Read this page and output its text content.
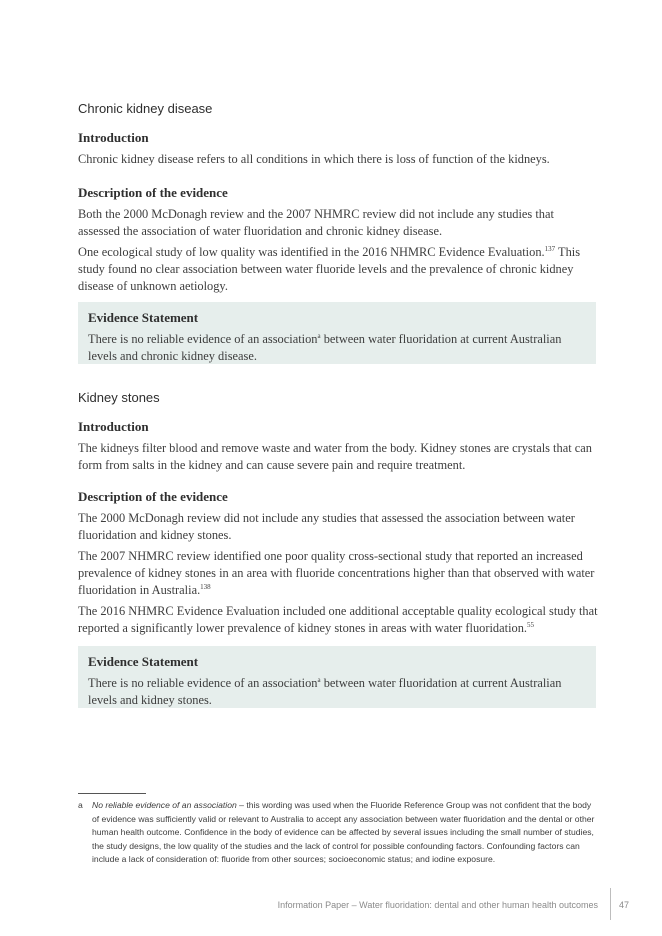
Chronic kidney disease
Introduction
Chronic kidney disease refers to all conditions in which there is loss of function of the kidneys.
Description of the evidence
Both the 2000 McDonagh review and the 2007 NHMRC review did not include any studies that assessed the association of water fluoridation and chronic kidney disease.
One ecological study of low quality was identified in the 2016 NHMRC Evidence Evaluation.$^{137}$ This study found no clear association between water fluoride levels and the prevalence of chronic kidney disease of unknown aetiology.
Evidence Statement
There is no reliable evidence of an association$^a$ between water fluoridation at current Australian levels and chronic kidney disease.
Kidney stones
Introduction
The kidneys filter blood and remove waste and water from the body. Kidney stones are crystals that can form from salts in the kidney and can cause severe pain and require treatment.
Description of the evidence
The 2000 McDonagh review did not include any studies that assessed the association between water fluoridation and kidney stones.
The 2007 NHMRC review identified one poor quality cross-sectional study that reported an increased prevalence of kidney stones in an area with fluoride concentrations higher than that observed with water fluoridation in Australia.$^{138}$
The 2016 NHMRC Evidence Evaluation included one additional acceptable quality ecological study that reported a significantly lower prevalence of kidney stones in areas with water fluoridation.$^{55}$
Evidence Statement
There is no reliable evidence of an association$^a$ between water fluoridation at current Australian levels and kidney stones.
a No reliable evidence of an association – this wording was used when the Fluoride Reference Group was not confident that the body of evidence was sufficiently valid or relevant to Australia to accept any association between water fluoridation and the dental or other human health outcome. Confidence in the body of evidence can be affected by several issues including the small number of studies, the study designs, the low quality of the studies and the lack of control for possible confounding factors. Confounding factors can include a lack of consideration of: fluoride from other sources; socioeconomic status; and iodine exposure.
Information Paper – Water fluoridation: dental and other human health outcomes 47
